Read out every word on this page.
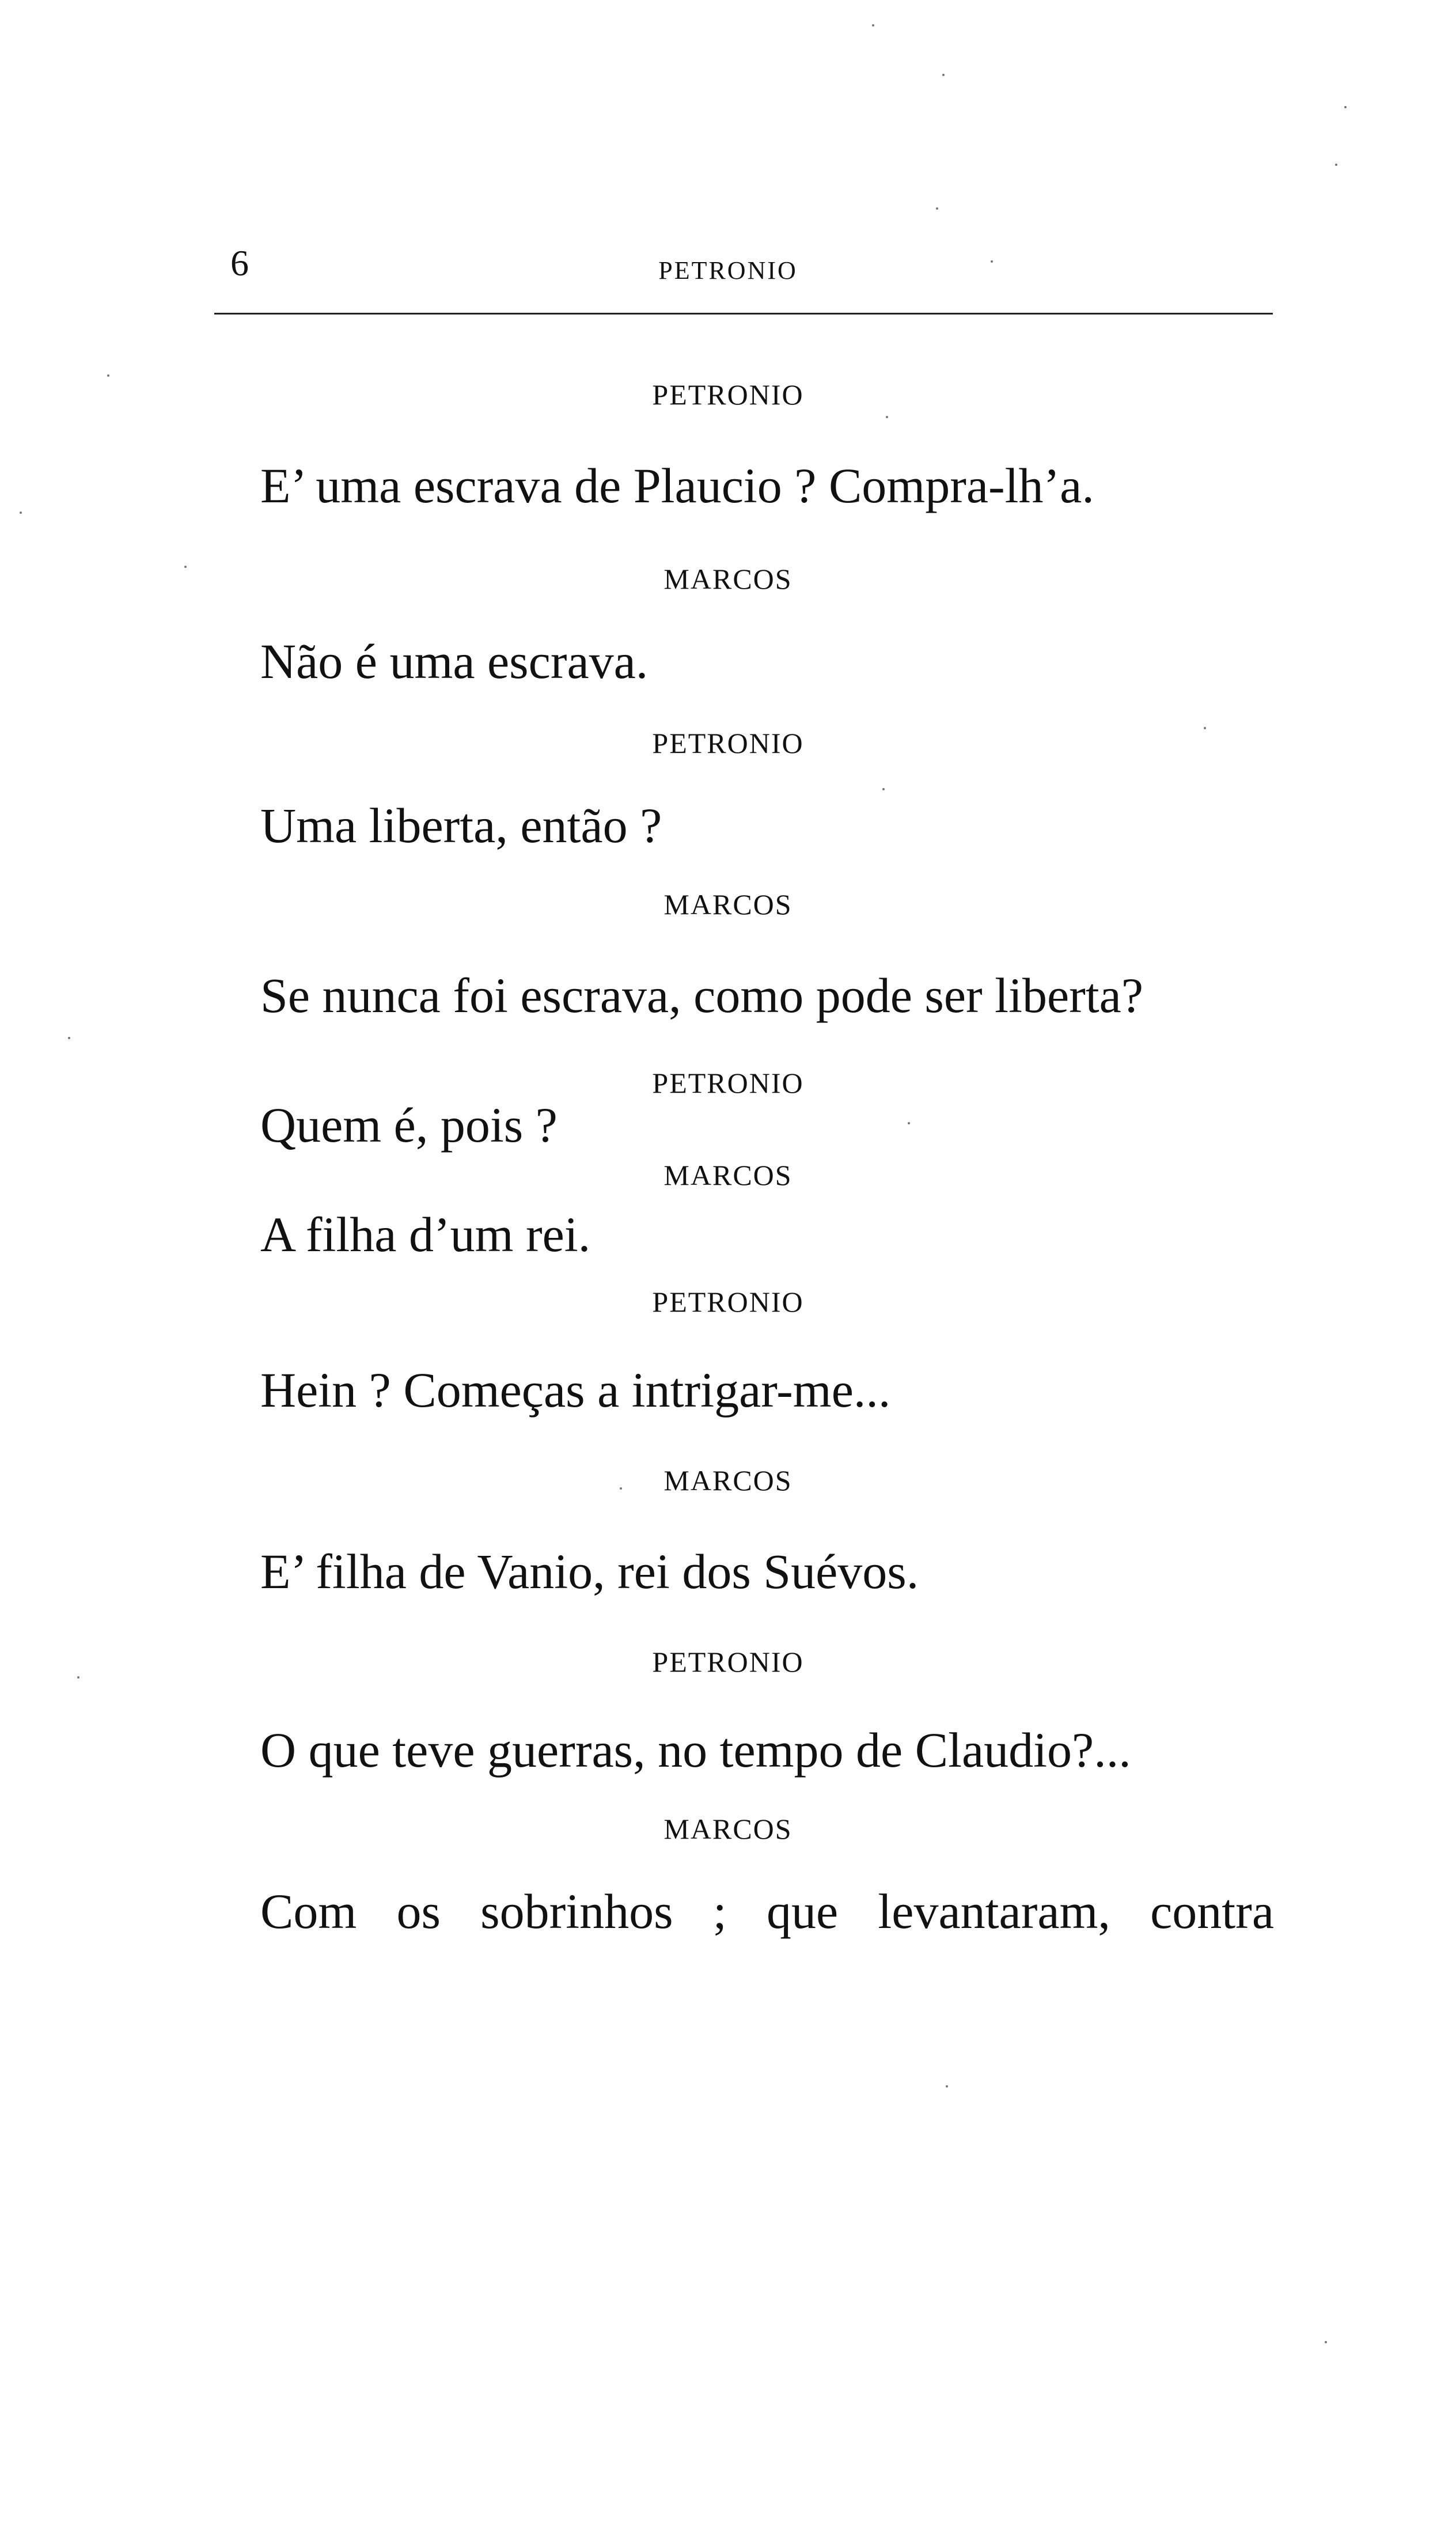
6	PETRONIO
PETRONIO
E’ uma escrava de Plaucio ? Compra-lh’a.
MARCOS
Não é uma escrava.
PETRONIO
Uma liberta, então ?
MARCOS
Se nunca foi escrava, como pode ser liberta?
PETRONIO
Quem é, pois ?
MARCOS
A filha d’um rei.
PETRONIO
Hein ? Começas a intrigar-me...
MARCOS
E’ filha de Vanio, rei dos Suévos.
PETRONIO
O que teve guerras, no tempo de Claudio?...
MARCOS
Com os sobrinhos ; que levantaram, contra
